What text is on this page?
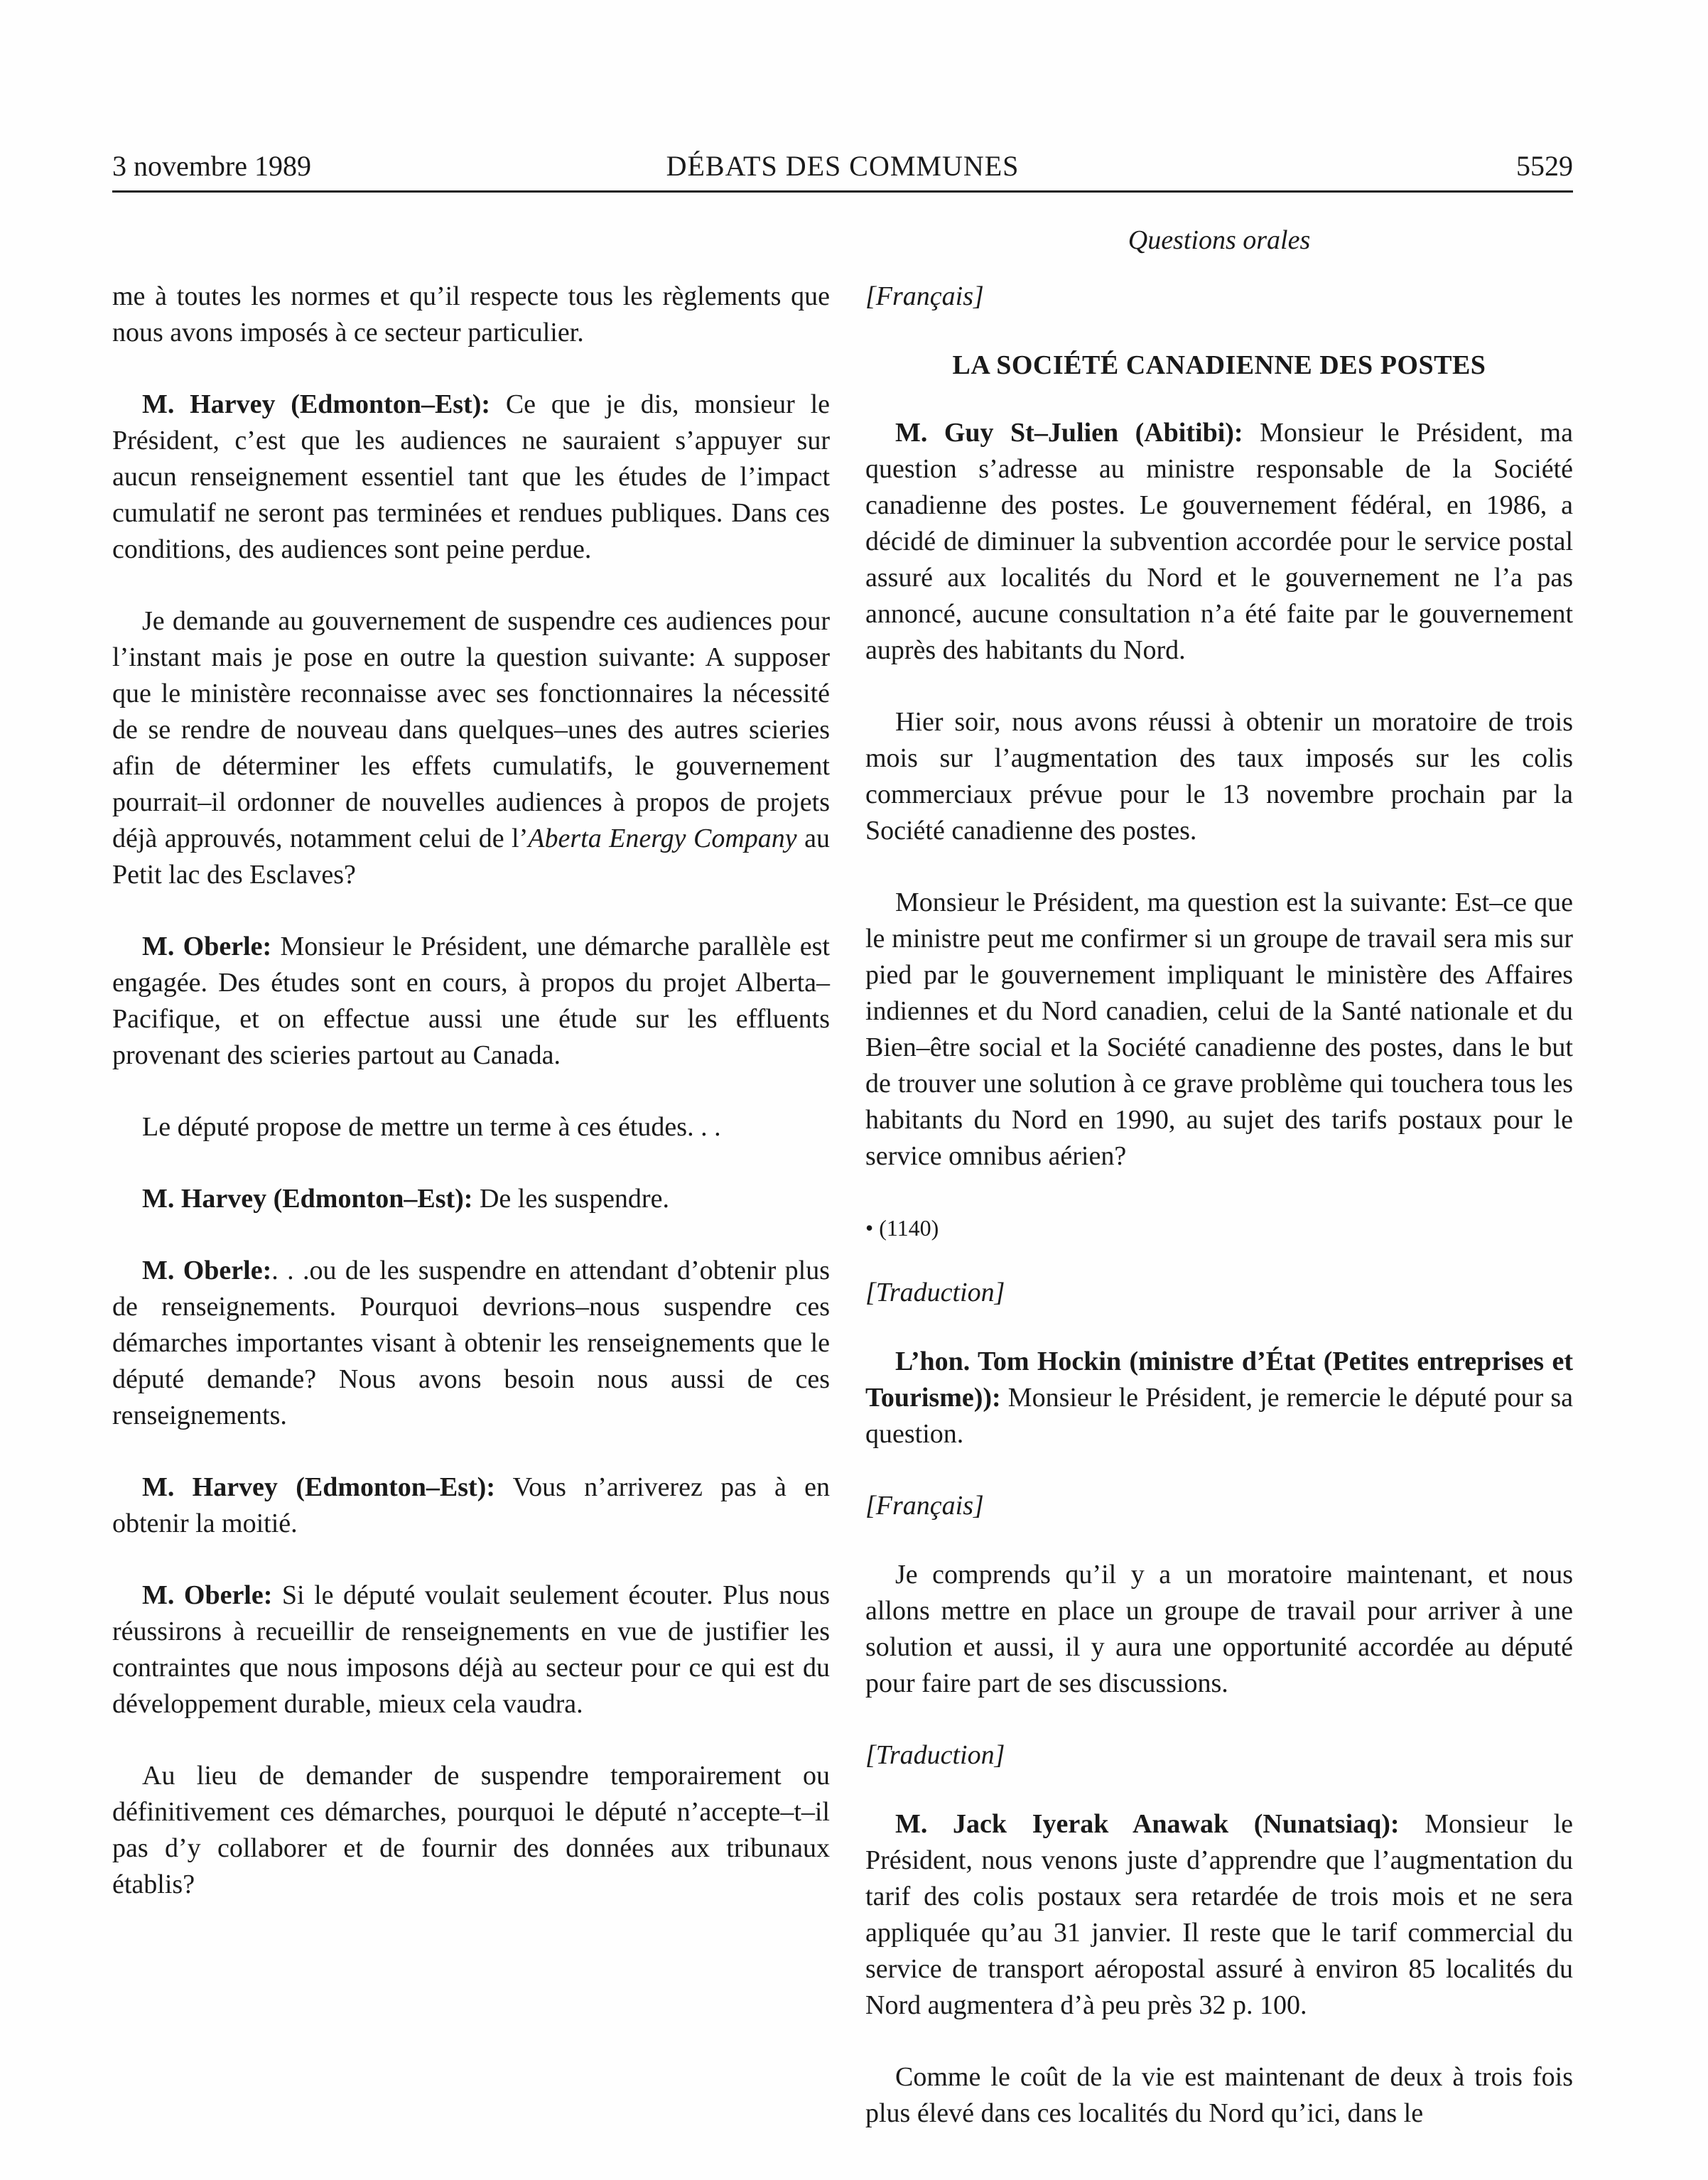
3 novembre 1989	DÉBATS DES COMMUNES	5529
Questions orales

me à toutes les normes et qu’il respecte tous les règlements que nous avons imposés à ce secteur particulier.

M. Harvey (Edmonton–Est): Ce que je dis, monsieur le Président, c’est que les audiences ne sauraient s’appuyer sur aucun renseignement essentiel tant que les études de l’impact cumulatif ne seront pas terminées et rendues publiques. Dans ces conditions, des audiences sont peine perdue.

Je demande au gouvernement de suspendre ces audiences pour l’instant mais je pose en outre la question suivante: A supposer que le ministère reconnaisse avec ses fonctionnaires la nécessité de se rendre de nouveau dans quelques–unes des autres scieries afin de déterminer les effets cumulatifs, le gouvernement pourrait–il ordonner de nouvelles audiences à propos de projets déjà approuvés, notamment celui de l’Aberta Energy Company au Petit lac des Esclaves?

M. Oberle: Monsieur le Président, une démarche parallèle est engagée. Des études sont en cours, à propos du projet Alberta–Pacifique, et on effectue aussi une étude sur les effluents provenant des scieries partout au Canada.

Le député propose de mettre un terme à ces études. . .

M. Harvey (Edmonton–Est): De les suspendre.

M. Oberle:. . .ou de les suspendre en attendant d’obtenir plus de renseignements. Pourquoi devrions–nous suspendre ces démarches importantes visant à obtenir les renseignements que le député demande? Nous avons besoin nous aussi de ces renseignements.

M. Harvey (Edmonton–Est): Vous n’arriverez pas à en obtenir la moitié.

M. Oberle: Si le député voulait seulement écouter. Plus nous réussirons à recueillir de renseignements en vue de justifier les contraintes que nous imposons déjà au secteur pour ce qui est du développement durable, mieux cela vaudra.

Au lieu de demander de suspendre temporairement ou définitivement ces démarches, pourquoi le député n’accepte–t–il pas d’y collaborer et de fournir des données aux tribunaux établis?

[Français]

LA SOCIÉTÉ CANADIENNE DES POSTES

M. Guy St–Julien (Abitibi): Monsieur le Président, ma question s’adresse au ministre responsable de la Société canadienne des postes. Le gouvernement fédéral, en 1986, a décidé de diminuer la subvention accordée pour le service postal assuré aux localités du Nord et le gouvernement ne l’a pas annoncé, aucune consultation n’a été faite par le gouvernement auprès des habitants du Nord.

Hier soir, nous avons réussi à obtenir un moratoire de trois mois sur l’augmentation des taux imposés sur les colis commerciaux prévue pour le 13 novembre prochain par la Société canadienne des postes.

Monsieur le Président, ma question est la suivante: Est–ce que le ministre peut me confirmer si un groupe de travail sera mis sur pied par le gouvernement impliquant le ministère des Affaires indiennes et du Nord canadien, celui de la Santé nationale et du Bien–être social et la Société canadienne des postes, dans le but de trouver une solution à ce grave problème qui touchera tous les habitants du Nord en 1990, au sujet des tarifs postaux pour le service omnibus aérien?

• (1140)

[Traduction]

L’hon. Tom Hockin (ministre d’État (Petites entreprises et Tourisme)): Monsieur le Président, je remercie le député pour sa question.

[Français]

Je comprends qu’il y a un moratoire maintenant, et nous allons mettre en place un groupe de travail pour arriver à une solution et aussi, il y aura une opportunité accordée au député pour faire part de ses discussions.

[Traduction]

M. Jack Iyerak Anawak (Nunatsiaq): Monsieur le Président, nous venons juste d’apprendre que l’augmentation du tarif des colis postaux sera retardée de trois mois et ne sera appliquée qu’au 31 janvier. Il reste que le tarif commercial du service de transport aéropostal assuré à environ 85 localités du Nord augmentera d’à peu près 32 p. 100.

Comme le coût de la vie est maintenant de deux à trois fois plus élevé dans ces localités du Nord qu’ici, dans le
